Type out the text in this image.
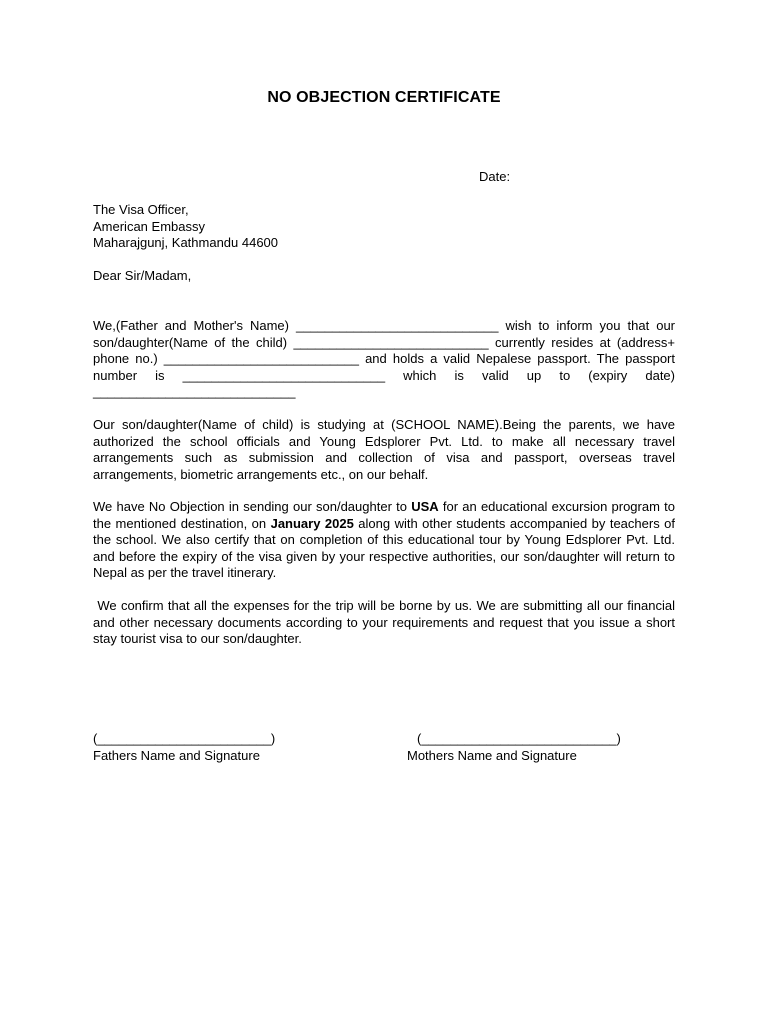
NO OBJECTION CERTIFICATE
Date:
The Visa Officer,
American Embassy
Maharajgunj, Kathmandu 44600
Dear Sir/Madam,
We,(Father and Mother's Name) ____________________________ wish to inform you that our son/daughter(Name of the child) ___________________________ currently resides at (address+ phone no.) ___________________________ and holds a valid Nepalese passport. The passport number is ____________________________ which is valid up to (expiry date) ____________________________
Our son/daughter(Name of child) is studying at (SCHOOL NAME).Being the parents, we have authorized the school officials and Young Edsplorer Pvt. Ltd. to make all necessary travel arrangements such as submission and collection of visa and passport, overseas travel arrangements, biometric arrangements etc., on our behalf.
We have No Objection in sending our son/daughter to USA for an educational excursion program to the mentioned destination, on January 2025 along with other students accompanied by teachers of the school. We also certify that on completion of this educational tour by Young Edsplorer Pvt. Ltd. and before the expiry of the visa given by your respective authorities, our son/daughter will return to Nepal as per the travel itinerary.
We confirm that all the expenses for the trip will be borne by us. We are submitting all our financial and other necessary documents according to your requirements and request that you issue a short stay tourist visa to our son/daughter.
(________________________)
Fathers Name and Signature
(___________________________)
Mothers Name and Signature
